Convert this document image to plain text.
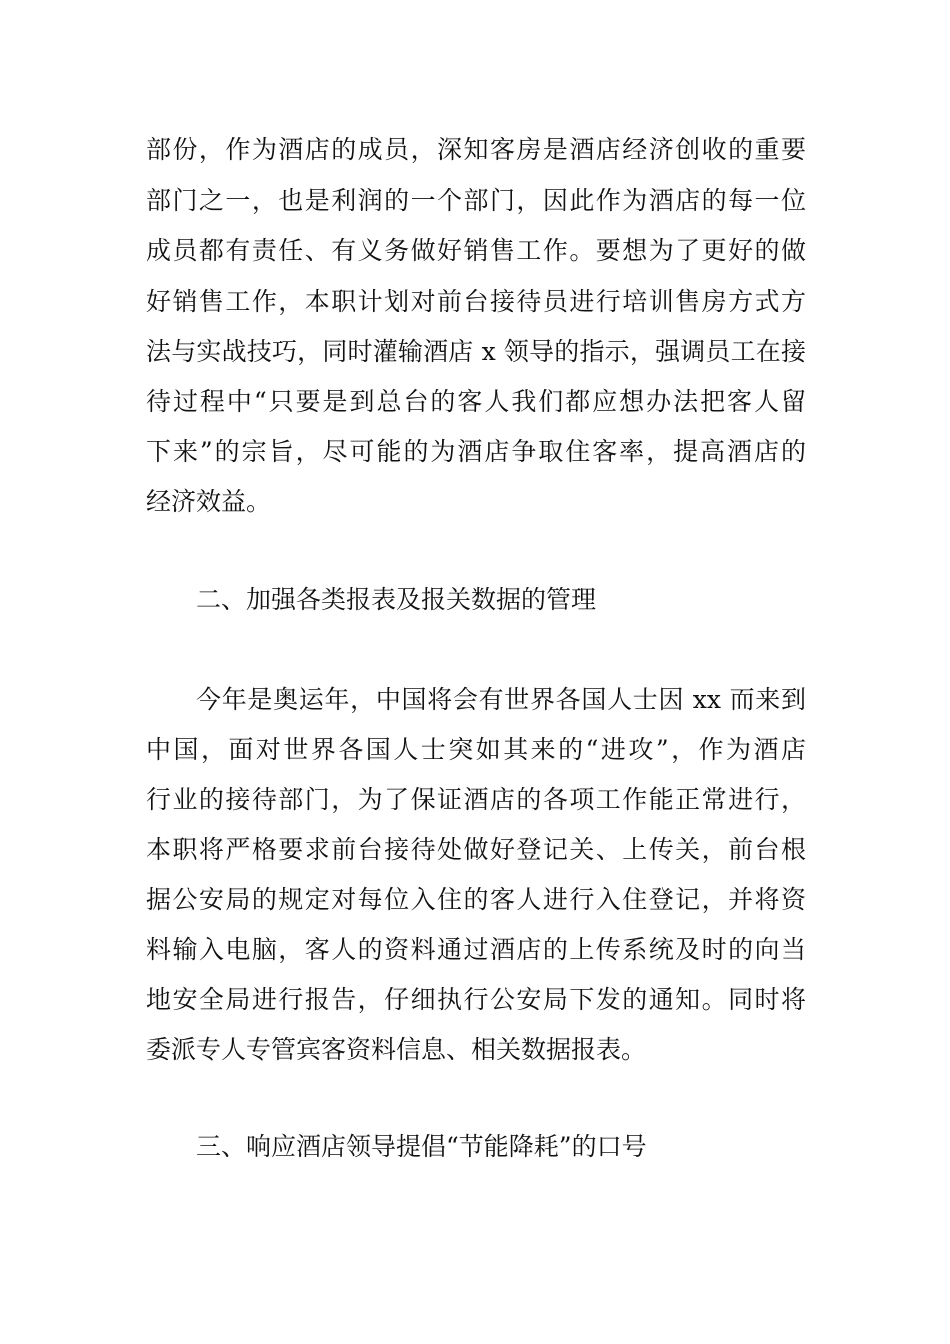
部份，作为酒店的成员，深知客房是酒店经济创收的重要

部门之一，也是利润的一个部门，因此作为酒店的每一位

成员都有责任、有义务做好销售工作。要想为了更好的做

好销售工作，本职计划对前台接待员进行培训售房方式方

法与实战技巧，同时灌输酒店 x 领导的指示，强调员工在接

待过程中“只要是到总台的客人我们都应想办法把客人留

下来”的宗旨，尽可能的为酒店争取住客率，提高酒店的

经济效益。

二、加强各类报表及报关数据的管理

今年是奥运年，中国将会有世界各国人士因 xx 而来到

中国，面对世界各国人士突如其来的“进攻”，作为酒店

行业的接待部门，为了保证酒店的各项工作能正常进行，

本职将严格要求前台接待处做好登记关、上传关，前台根

据公安局的规定对每位入住的客人进行入住登记，并将资

料输入电脑，客人的资料通过酒店的上传系统及时的向当

地安全局进行报告，仔细执行公安局下发的通知。同时将

委派专人专管宾客资料信息、相关数据报表。

三、响应酒店领导提倡“节能降耗”的口号
